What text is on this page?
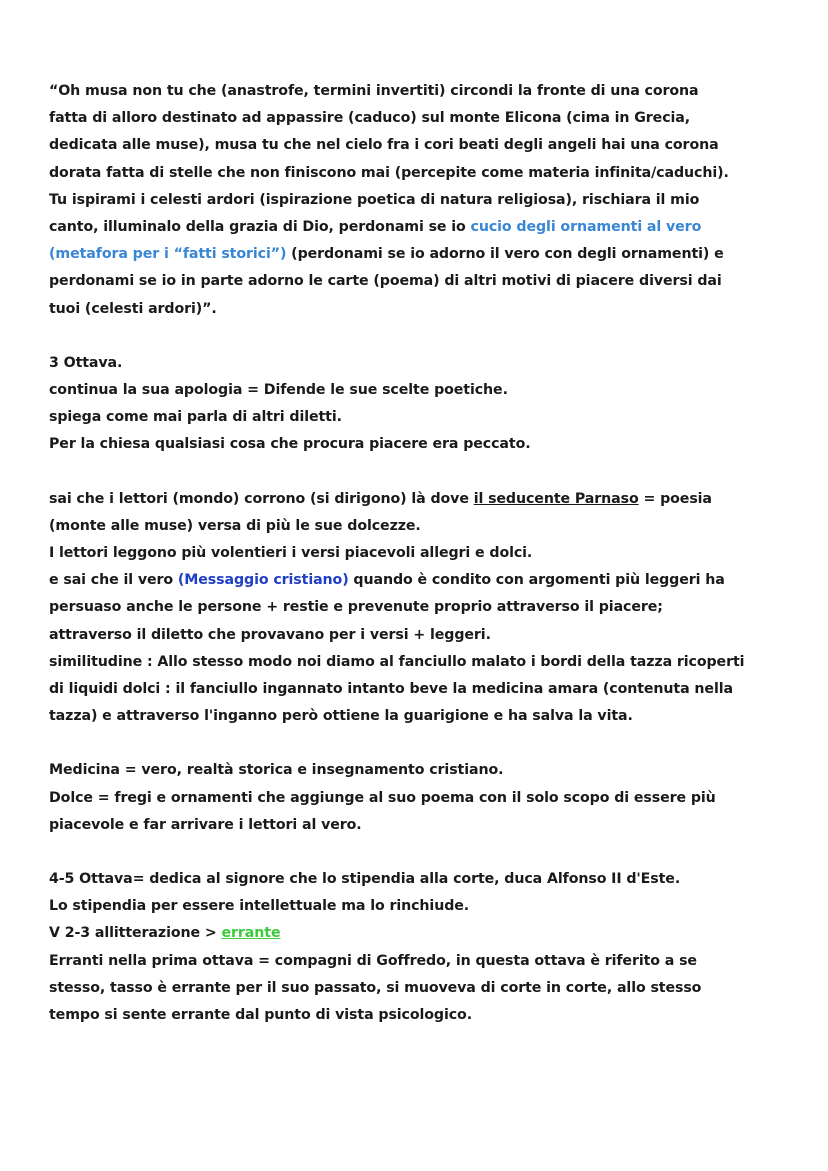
“Oh musa non tu che (anastrofe, termini invertiti) circondi la fronte di una corona
fatta di alloro destinato ad appassire (caduco) sul monte Elicona (cima in Grecia,
dedicata alle muse), musa tu che nel cielo fra i cori beati degli angeli hai una corona
dorata fatta di stelle che non finiscono mai (percepite come materia infinita/caduchi).
Tu ispirami i celesti ardori (ispirazione poetica di natura religiosa), rischiara il mio
canto, illuminalo della grazia di Dio, perdonami se io cucio degli ornamenti al vero
(metafora per i “fatti storici”) (perdonami se io adorno il vero con degli ornamenti) e
perdonami se io in parte adorno le carte (poema) di altri motivi di piacere diversi dai
tuoi (celesti ardori)”.
3 Ottava.
continua la sua apologia = Difende le sue scelte poetiche.
spiega come mai parla di altri diletti.
Per la chiesa qualsiasi cosa che procura piacere era peccato.
sai che i lettori (mondo) corrono (si dirigono) là dove il seducente Parnaso = poesia
(monte alle muse) versa di più le sue dolcezze.
I lettori leggono più volentieri i versi piacevoli allegri e dolci.
e sai che il vero (Messaggio cristiano) quando è condito con argomenti più leggeri ha
persuaso anche le persone + restie e prevenute proprio attraverso il piacere;
attraverso il diletto che provavano per i versi + leggeri.
similitudine : Allo stesso modo noi diamo al fanciullo malato i bordi della tazza ricoperti
di liquidi dolci : il fanciullo ingannato intanto beve la medicina amara (contenuta nella
tazza) e attraverso l'inganno però ottiene la guarigione e ha salva la vita.
Medicina = vero, realtà storica e insegnamento cristiano.
Dolce = fregi e ornamenti che aggiunge al suo poema con il solo scopo di essere più
piacevole e far arrivare i lettori al vero.
4-5 Ottava= dedica al signore che lo stipendia alla corte, duca Alfonso II d'Este.
Lo stipendia per essere intellettuale ma lo rinchiude.
V 2-3 allitterazione > errante
Erranti nella prima ottava = compagni di Goffredo, in questa ottava è riferito a se
stesso, tasso è errante per il suo passato, si muoveva di corte in corte, allo stesso
tempo si sente errante dal punto di vista psicologico.
